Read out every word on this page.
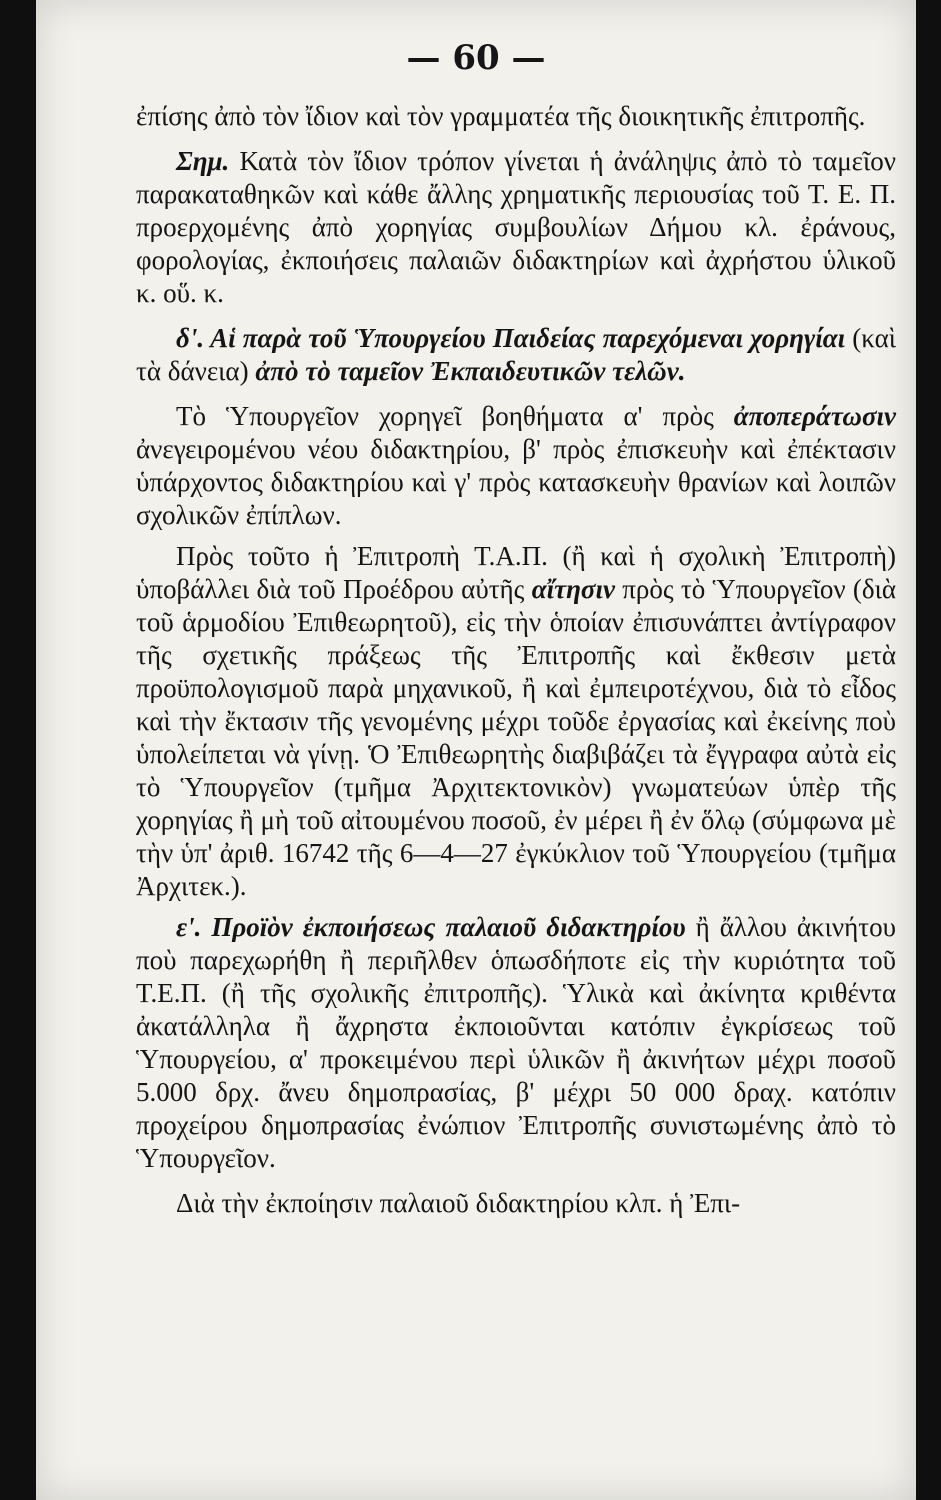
— 60 —

ἐπίσης ἀπὸ τὸν ἴδιον καὶ τὸν γραμματέα τῆς διοικητικῆς ἐπιτροπῆς.

Σημ. Κατὰ τὸν ἴδιον τρόπον γίνεται ἡ ἀνάληψις ἀπὸ τὸ ταμεῖον παρακαταθηκῶν καὶ κάθε ἄλλης χρηματικῆς περιουσίας τοῦ Τ. Ε. Π. προερχομένης ἀπὸ χορηγίας συμβουλίων Δήμου κλ. ἐράνους, φορολογίας, ἐκποιήσεις παλαιῶν διδακτηρίων καὶ ἀχρήστου ὑλικοῦ κ. οὕ. κ.

δ'. Αἱ παρὰ τοῦ Ὑπουργείου Παιδείας παρεχόμεναι χορηγίαι (καὶ τὰ δάνεια) ἀπὸ τὸ ταμεῖον Ἐκπαιδευτικῶν τελῶν.

Τὸ Ὑπουργεῖον χορηγεῖ βοηθήματα α' πρὸς ἀποπεράτωσιν ἀνεγειρομένου νέου διδακτηρίου, β' πρὸς ἐπισκευὴν καὶ ἐπέκτασιν ὑπάρχοντος διδακτηρίου καὶ γ' πρὸς κατασκευὴν θρανίων καὶ λοιπῶν σχολικῶν ἐπίπλων.

Πρὸς τοῦτο ἡ Ἐπιτροπὴ Τ.Α.Π. (ἢ καὶ ἡ σχολικὴ Ἐπιτροπὴ) ὑποβάλλει διὰ τοῦ Προέδρου αὐτῆς αἴτησιν πρὸς τὸ Ὑπουργεῖον (διὰ τοῦ ἁρμοδίου Ἐπιθεωρητοῦ), εἰς τὴν ὁποίαν ἐπισυνάπτει ἀντίγραφον τῆς σχετικῆς πράξεως τῆς Ἐπιτροπῆς καὶ ἔκθεσιν μετὰ προϋπολογισμοῦ παρὰ μηχανικοῦ, ἢ καὶ ἐμπειροτέχνου, διὰ τὸ εἶδος καὶ τὴν ἔκτασιν τῆς γενομένης μέχρι τοῦδε ἐργασίας καὶ ἐκείνης ποὺ ὑπολείπεται νὰ γίνῃ. Ὁ Ἐπιθεωρητὴς διαβιβάζει τὰ ἔγγραφα αὐτὰ εἰς τὸ Ὑπουργεῖον (τμῆμα Ἀρχιτεκτονικὸν) γνωματεύων ὑπὲρ τῆς χορηγίας ἢ μὴ τοῦ αἰτουμένου ποσοῦ, ἐν μέρει ἢ ἐν ὅλῳ (σύμφωνα μὲ τὴν ὑπ' ἀριθ. 16742 τῆς 6—4—27 ἐγκύκλιον τοῦ Ὑπουργείου (τμῆμα Ἀρχιτεκ.).

ε'. Προϊὸν ἐκποιήσεως παλαιοῦ διδακτηρίου ἢ ἄλλου ἀκινήτου ποὺ παρεχωρήθη ἢ περιῆλθεν ὁπωσδήποτε εἰς τὴν κυριότητα τοῦ Τ.Ε.Π. (ἢ τῆς σχολικῆς ἐπιτροπῆς). Ὑλικὰ καὶ ἀκίνητα κριθέντα ἀκατάλληλα ἢ ἄχρηστα ἐκποιοῦνται κατόπιν ἐγκρίσεως τοῦ Ὑπουργείου, α' προκειμένου περὶ ὑλικῶν ἢ ἀκινήτων μέχρι ποσοῦ 5.000 δρχ. ἄνευ δημοπρασίας, β' μέχρι 50 000 δραχ. κατόπιν προχείρου δημοπρασίας ἐνώπιον Ἐπιτροπῆς συνιστωμένης ἀπὸ τὸ Ὑπουργεῖον.

Διὰ τὴν ἐκποίησιν παλαιοῦ διδακτηρίου κλπ. ἡ Ἐπι-
